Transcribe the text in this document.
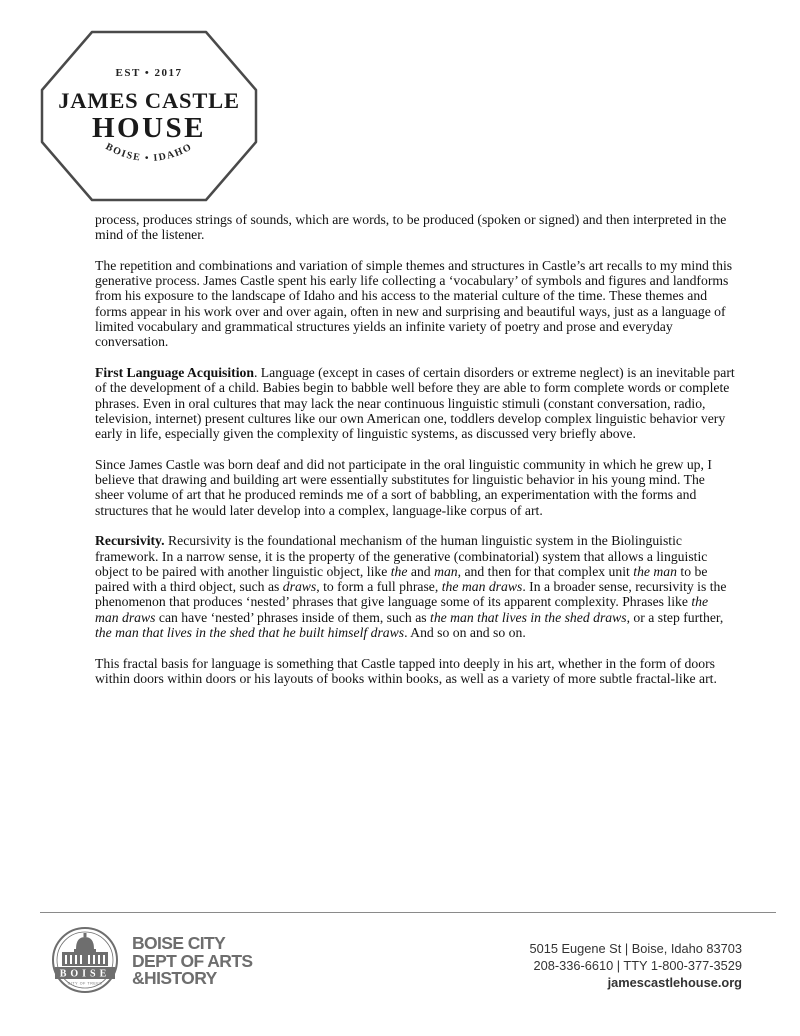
EST • 2017
JAMES CASTLE
HOUSE
BOISE • IDAHO

process, produces strings of sounds, which are words, to be produced (spoken or signed) and then interpreted in the mind of the listener.

The repetition and combinations and variation of simple themes and structures in Castle’s art recalls to my mind this generative process. James Castle spent his early life collecting a ‘vocabulary’ of symbols and figures and landforms from his exposure to the landscape of Idaho and his access to the material culture of the time. These themes and forms appear in his work over and over again, often in new and surprising and beautiful ways, just as a language of limited vocabulary and grammatical structures yields an infinite variety of poetry and prose and everyday conversation.

First Language Acquisition. Language (except in cases of certain disorders or extreme neglect) is an inevitable part of the development of a child. Babies begin to babble well before they are able to form complete words or complete phrases. Even in oral cultures that may lack the near continuous linguistic stimuli (constant conversation, radio, television, internet) present cultures like our own American one, toddlers develop complex linguistic behavior very early in life, especially given the complexity of linguistic systems, as discussed very briefly above.

Since James Castle was born deaf and did not participate in the oral linguistic community in which he grew up, I believe that drawing and building art were essentially substitutes for linguistic behavior in his young mind. The sheer volume of art that he produced reminds me of a sort of babbling, an experimentation with the forms and structures that he would later develop into a complex, language-like corpus of art.

Recursivity. Recursivity is the foundational mechanism of the human linguistic system in the Biolinguistic framework. In a narrow sense, it is the property of the generative (combinatorial) system that allows a linguistic object to be paired with another linguistic object, like the and man, and then for that complex unit the man to be paired with a third object, such as draws, to form a full phrase, the man draws. In a broader sense, recursivity is the phenomenon that produces ‘nested’ phrases that give language some of its apparent complexity. Phrases like the man draws can have ‘nested’ phrases inside of them, such as the man that lives in the shed draws, or a step further, the man that lives in the shed that he built himself draws. And so on and so on.

This fractal basis for language is something that Castle tapped into deeply in his art, whether in the form of doors within doors within doors or his layouts of books within books, as well as a variety of more subtle fractal-like art.

BOISE
CITY OF TREES
BOISE CITY
DEPT OF ARTS
&HISTORY
5015 Eugene St | Boise, Idaho 83703
208-336-6610 | TTY 1-800-377-3529
jamescastlehouse.org
